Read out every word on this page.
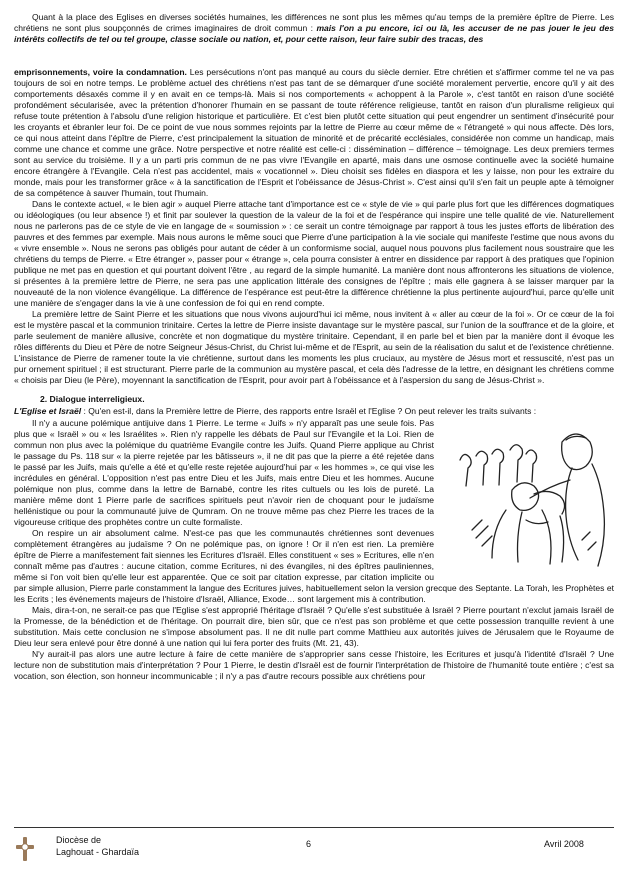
Quant à la place des Eglises en diverses sociétés humaines, les différences ne sont plus les mêmes qu'au temps de la première épître de Pierre. Les chrétiens ne sont plus soupçonnés de crimes imaginaires de droit commun : mais l'on a pu encore, ici ou là, les accuser de ne pas jouer le jeu des intérêts collectifs de tel ou tel groupe, classe sociale ou nation, et, pour cette raison, leur faire subir des tracas, des

emprisonnements, voire la condamnation. Les persécutions n'ont pas manqué au cours du siècle dernier. Etre chrétien et s'affirmer comme tel ne va pas toujours de soi en notre temps. Le problème actuel des chrétiens n'est pas tant de se démarquer d'une société moralement pervertie, encore qu'il y ait des comportements désaxés comme il y en avait en ce temps-là. Mais si nos comportements « achoppent à la Parole », c'est tantôt en raison d'une société profondément sécularisée, avec la prétention d'honorer l'humain en se passant de toute référence religieuse, tantôt en raison d'un pluralisme religieux qui refuse toute prétention à l'absolu d'une religion historique et particulière. Et c'est bien plutôt cette situation qui peut engendrer un sentiment d'insécurité pour les croyants et ébranler leur foi. De ce point de vue nous sommes rejoints par la lettre de Pierre au cœur même de « l'étrangeté » qui nous affecte. Dès lors, ce qui nous atteint dans l'épître de Pierre, c'est principalement la situation de minorité et de précarité ecclésiales, considérée non comme un handicap, mais comme une chance et comme une grâce. Notre perspective et notre réalité est celle-ci : dissémination – différence – témoignage. Les deux premiers termes sont au service du troisième. Il y a un parti pris commun de ne pas vivre l'Evangile en aparté, mais dans une osmose continuelle avec la société humaine encore étrangère à l'Evangile. Cela n'est pas accidentel, mais « vocationnel ». Dieu choisit ses fidèles en diaspora et les y laisse, non pour les extraire du monde, mais pour les transformer grâce « à la sanctification de l'Esprit et l'obéissance de Jésus-Christ ». C'est ainsi qu'il s'en fait un peuple apte à témoigner de sa compétence à sauver l'humain, tout l'humain.

Dans le contexte actuel, « le bien agir » auquel Pierre attache tant d'importance est ce « style de vie » qui parle plus fort que les différences dogmatiques ou idéologiques (ou leur absence !) et finit par soulever la question de la valeur de la foi et de l'espérance qui inspire une telle qualité de vie. Naturellement nous ne parlerons pas de ce style de vie en langage de « soumission » : ce serait un contre témoignage par rapport à tous les justes efforts de libération des pauvres et des femmes par exemple. Mais nous aurons le même souci que Pierre d'une participation à la vie sociale qui manifeste l'estime que nous avons du « vivre ensemble ». Nous ne serons pas obligés pour autant de céder à un conformisme social, auquel nous pouvons plus facilement nous soustraire que les chrétiens du temps de Pierre. « Etre étranger », passer pour « étrange », cela pourra consister à entrer en dissidence par rapport à des pratiques que l'opinion publique ne met pas en question et qui pourtant doivent l'être , au regard de la simple humanité. La manière dont nous affronterons les situations de violence, si présentes à la première lettre de Pierre, ne sera pas une application littérale des consignes de l'épître ; mais elle gagnera à se laisser marquer par la nouveauté de la non violence évangélique. La différence de l'espérance est peut-être la différence chrétienne la plus pertinente aujourd'hui, parce qu'elle unit une manière de s'engager dans la vie à une confession de foi qui en rend compte.

La première lettre de Saint Pierre et les situations que nous vivons aujourd'hui ici même, nous invitent à « aller au cœur de la foi ». Or ce cœur de la foi est le mystère pascal et la communion trinitaire. Certes la lettre de Pierre insiste davantage sur le mystère pascal, sur l'union de la souffrance et de la gloire, et parle seulement de manière allusive, concrète et non dogmatique du mystère trinitaire. Cependant, il en parle bel et bien par la manière dont il évoque les rôles différents du Dieu et Père de notre Seigneur Jésus-Christ, du Christ lui-même et de l'Esprit, au sein de la réalisation du salut et de l'existence chrétienne. L'insistance de Pierre de ramener toute la vie chrétienne, surtout dans les moments les plus cruciaux, au mystère de Jésus mort et ressuscité, n'est pas un pur ornement spirituel ; il est structurant. Pierre parle de la communion au mystère pascal, et cela dès l'adresse de la lettre, en désignant les chrétiens comme « choisis par Dieu (le Père), moyennant la sanctification de l'Esprit, pour avoir part à l'obéissance et à l'aspersion du sang de Jésus-Christ ».

2. Dialogue interreligieux.

L'Eglise et Israël : Qu'en est-il, dans la Première lettre de Pierre, des rapports entre Israël et l'Eglise ? On peut relever les traits suivants :

Il n'y a aucune polémique antijuive dans 1 Pierre. Le terme « Juifs » n'y apparaît pas une seule fois. Pas plus que « Israël » ou « les Israélites ». Rien n'y rappelle les débats de Paul sur l'Evangile et la Loi. Rien de commun non plus avec la polémique du quatrième Evangile contre les Juifs. Quand Pierre applique au Christ le passage du Ps. 118 sur « la pierre rejetée par les bâtisseurs », il ne dit pas que la pierre a été rejetée dans le passé par les Juifs, mais qu'elle a été et qu'elle reste rejetée aujourd'hui par « les hommes », ce qui vise les incrédules en général. L'opposition n'est pas entre Dieu et les Juifs, mais entre Dieu et les hommes. Aucune polémique non plus, comme dans la lettre de Barnabé, contre les rites cultuels ou les lois de pureté. La manière même dont 1 Pierre parle de sacrifices spirituels peut n'avoir rien de choquant pour le judaïsme hellénistique ou pour la communauté juive de Qumram. On ne trouve même pas chez Pierre les traces de la vigoureuse critique des prophètes contre un culte formaliste.

On respire un air absolument calme. N'est-ce pas que les communautés chrétiennes sont devenues complètement étrangères au judaïsme ? On ne polémique pas, on ignore ! Or il n'en est rien. La première épître de Pierre a manifestement fait siennes les Ecritures d'Israël. Elles constituent « ses » Ecritures, elle n'en connaît même pas d'autres : aucune citation, comme Ecritures, ni des évangiles, ni des épîtres pauliniennes, même si l'on voit bien qu'elle leur est apparentée. Que ce soit par citation expresse, par citation implicite ou par simple allusion, Pierre parle constamment la langue des Ecritures juives, habituellement selon la version grecque des Septante. La Torah, les Prophètes et les Ecrits ; les événements majeurs de l'histoire d'Israël, Alliance, Exode… sont largement mis à contribution.

Mais, dira-t-on, ne serait-ce pas que l'Eglise s'est approprié l'héritage d'Israël ? Qu'elle s'est substituée à Israël ? Pierre pourtant n'exclut jamais Israël de la Promesse, de la bénédiction et de l'héritage. On pourrait dire, bien sûr, que ce n'est pas son problème et que cette possession tranquille revient à une substitution. Mais cette conclusion ne s'impose absolument pas. Il ne dit nulle part comme Matthieu aux autorités juives de Jérusalem que le Royaume de Dieu leur sera enlevé pour être donné à une nation qui lui fera porter des fruits (Mt. 21, 43).

N'y aurait-il pas alors une autre lecture à faire de cette manière de s'approprier sans cesse l'histoire, les Ecritures et jusqu'à l'identité d'Israël ? Une lecture non de substitution mais d'interprétation ? Pour 1 Pierre, le destin d'Israël est de fournir l'interprétation de l'histoire de l'humanité toute entière ; c'est sa vocation, son élection, son honneur incommunicable ; il n'y a pas d'autre recours possible aux chrétiens pour

Diocèse de
Laghouat - Ghardaïa
6	Avril 2008
